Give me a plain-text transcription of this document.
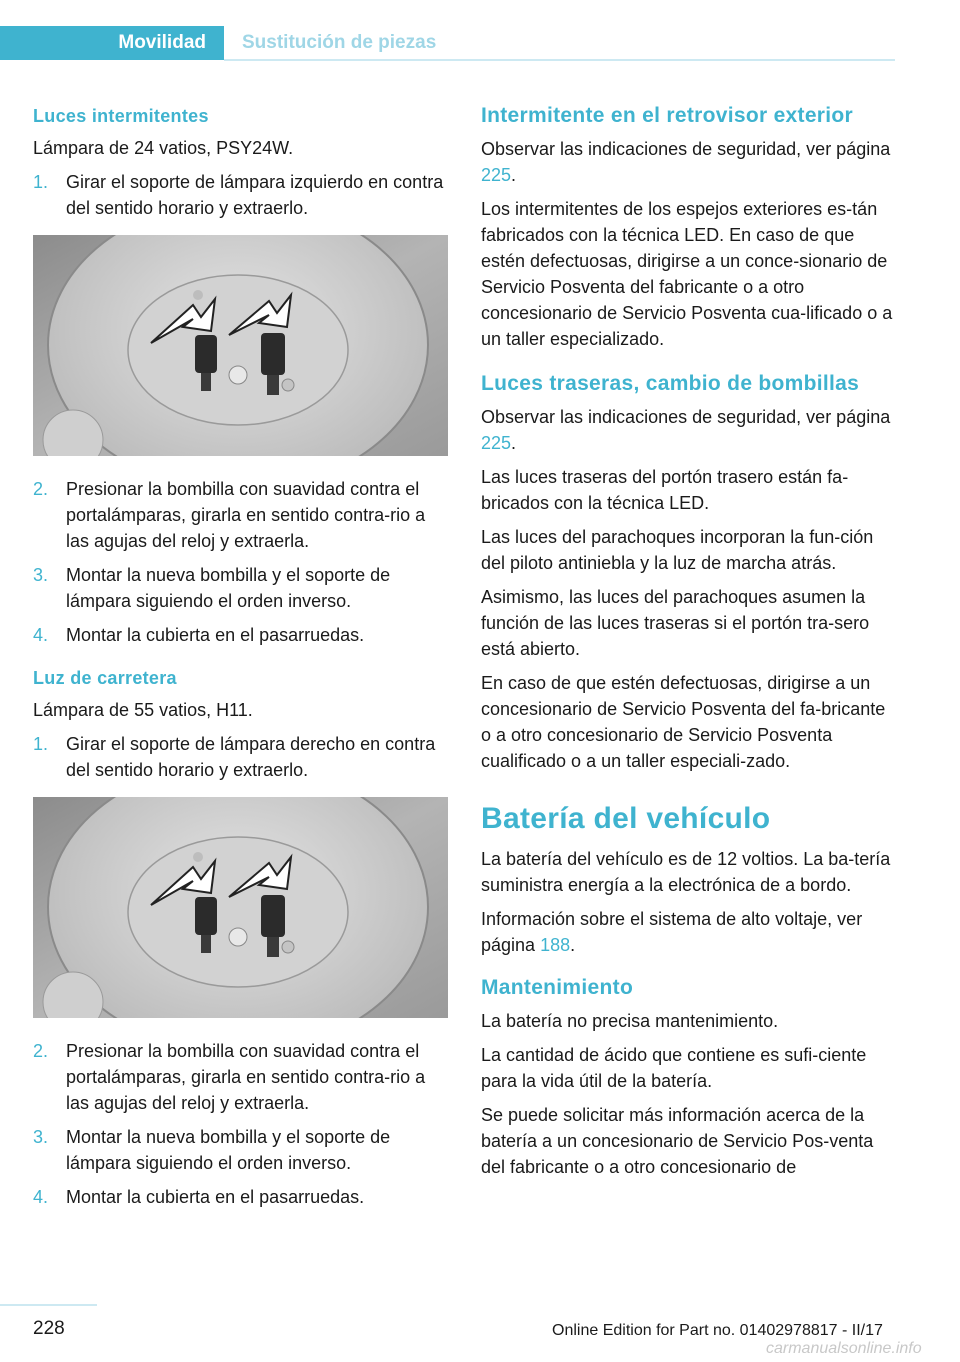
Movilidad	Sustitución de piezas
Luces intermitentes

Lámpara de 24 vatios, PSY24W.

1. Girar el soporte de lámpara izquierdo en contra del sentido horario y extraerlo.
2. Presionar la bombilla con suavidad contra el portalámparas, girarla en sentido contra‐rio a las agujas del reloj y extraerla.
3. Montar la nueva bombilla y el soporte de lámpara siguiendo el orden inverso.
4. Montar la cubierta en el pasarruedas.
Luz de carretera

Lámpara de 55 vatios, H11.

1. Girar el soporte de lámpara derecho en contra del sentido horario y extraerlo.
2. Presionar la bombilla con suavidad contra el portalámparas, girarla en sentido contra‐rio a las agujas del reloj y extraerla.
3. Montar la nueva bombilla y el soporte de lámpara siguiendo el orden inverso.
4. Montar la cubierta en el pasarruedas.
Intermitente en el retrovisor exterior

Observar las indicaciones de seguridad, ver página 225.

Los intermitentes de los espejos exteriores es‐tán fabricados con la técnica LED. En caso de que estén defectuosas, dirigirse a un conce‐sionario de Servicio Posventa del fabricante o a otro concesionario de Servicio Posventa cua‐lificado o a un taller especializado.

Luces traseras, cambio de bombillas

Observar las indicaciones de seguridad, ver página 225.

Las luces traseras del portón trasero están fa‐bricados con la técnica LED.

Las luces del parachoques incorporan la fun‐ción del piloto antiniebla y la luz de marcha atrás.

Asimismo, las luces del parachoques asumen la función de las luces traseras si el portón tra‐sero está abierto.

En caso de que estén defectuosas, dirigirse a un concesionario de Servicio Posventa del fa‐bricante o a otro concesionario de Servicio Posventa cualificado o a un taller especiali‐zado.

Batería del vehículo

La batería del vehículo es de 12 voltios. La ba‐tería suministra energía a la electrónica de a bordo.

Información sobre el sistema de alto voltaje, ver página 188.

Mantenimiento

La batería no precisa mantenimiento.

La cantidad de ácido que contiene es sufi‐ciente para la vida útil de la batería.

Se puede solicitar más información acerca de la batería a un concesionario de Servicio Pos‐venta del fabricante o a otro concesionario de

228	Online Edition for Part no. 01402978817 - II/17
carmanualsonline.info
